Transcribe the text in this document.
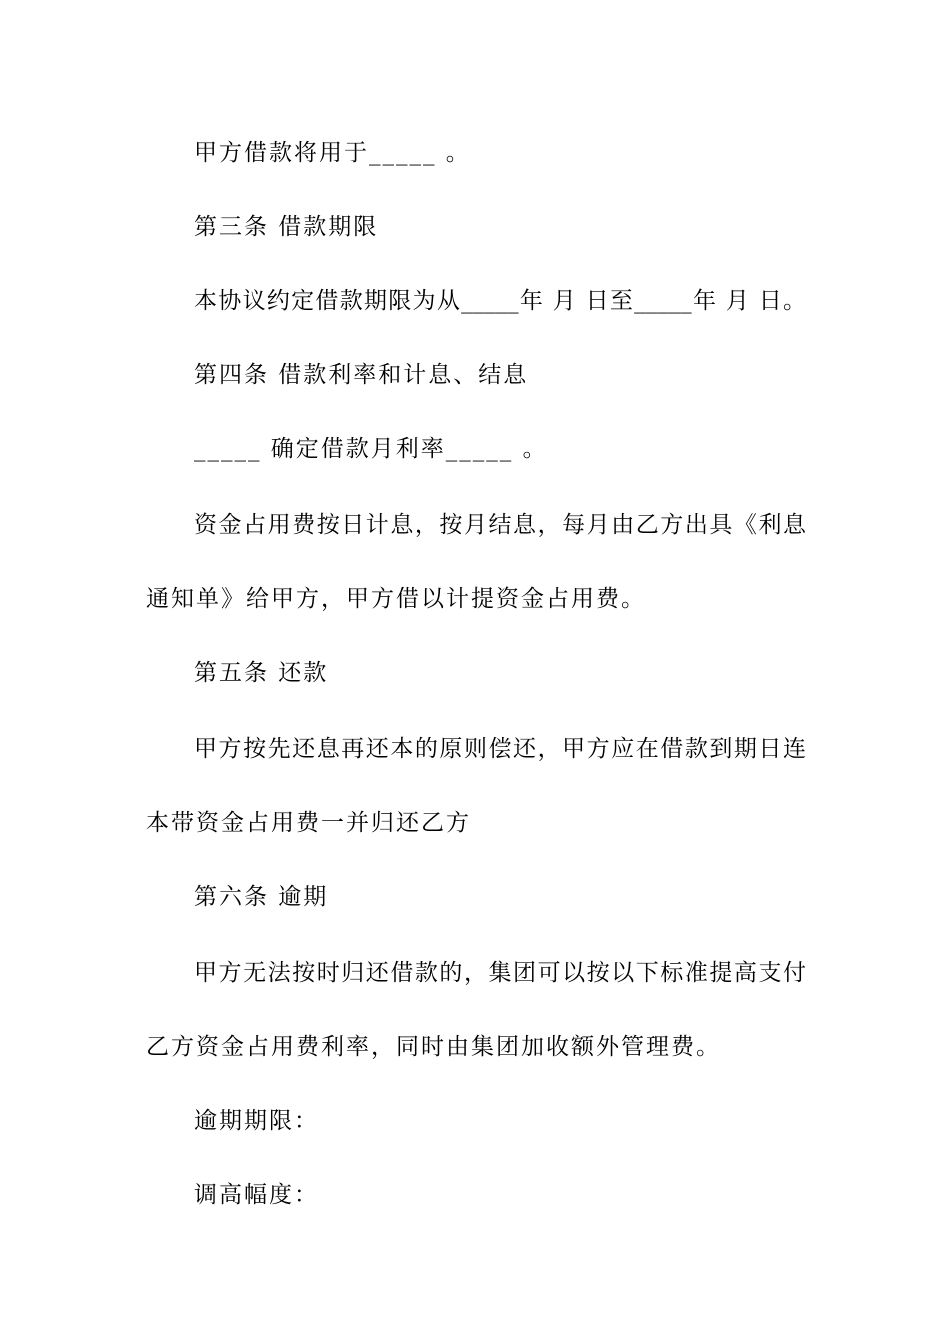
甲方借款将用于_____ 。
第三条 借款期限
本协议约定借款期限为从_____年 月 日至_____年 月 日。
第四条 借款利率和计息、结息
_____ 确定借款月利率_____ 。
资金占用费按日计息，按月结息，每月由乙方出具《利息
通知单》给甲方，甲方借以计提资金占用费。
第五条 还款
甲方按先还息再还本的原则偿还，甲方应在借款到期日连
本带资金占用费一并归还乙方
第六条 逾期
甲方无法按时归还借款的，集团可以按以下标准提高支付
乙方资金占用费利率，同时由集团加收额外管理费。
逾期期限：
调高幅度：
